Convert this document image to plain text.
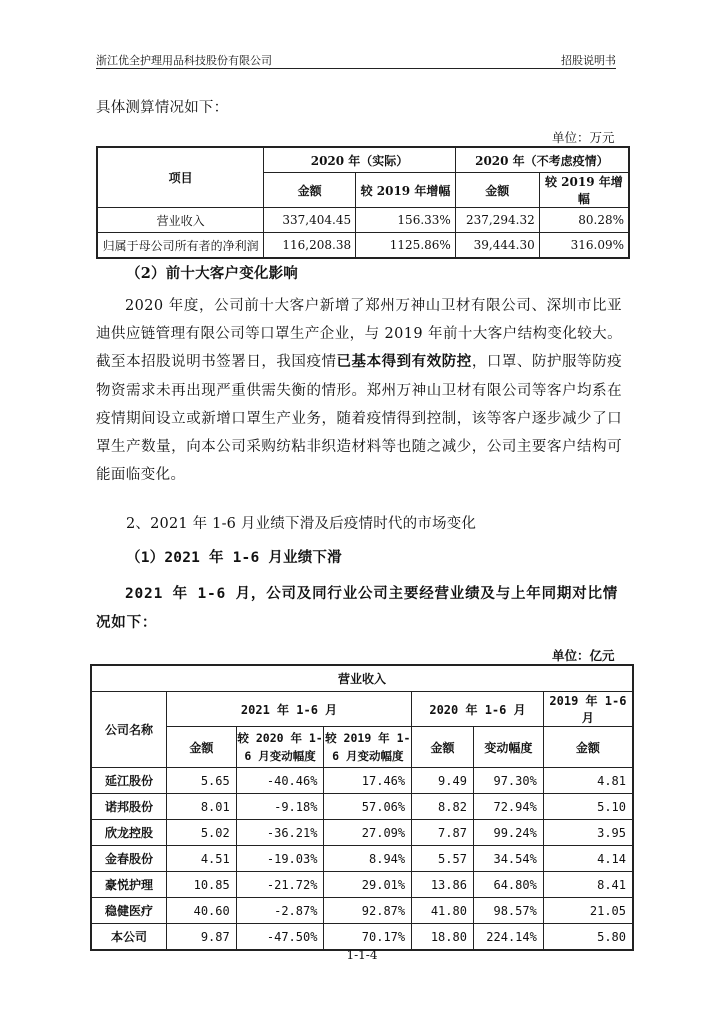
浙江优全护理用品科技股份有限公司	招股说明书
具体测算情况如下：
单位：万元
项目	2020 年（实际）		2020 年（不考虑疫情）	
	金额	较 2019 年增幅	金额	较 2019 年增幅
营业收入	337,404.45	156.33%	237,294.32	80.28%
归属于母公司所有者的净利润	116,208.38	1125.86%	39,444.30	316.09%
（2）前十大客户变化影响
2020 年度，公司前十大客户新增了郑州万神山卫材有限公司、深圳市比亚迪供应链管理有限公司等口罩生产企业，与 2019 年前十大客户结构变化较大。截至本招股说明书签署日，我国疫情已基本得到有效防控，口罩、防护服等防疫物资需求未再出现严重供需失衡的情形。郑州万神山卫材有限公司等客户均系在疫情期间设立或新增口罩生产业务，随着疫情得到控制，该等客户逐步减少了口罩生产数量，向本公司采购纺粘非织造材料等也随之减少，公司主要客户结构可能面临变化。
2、2021 年 1-6 月业绩下滑及后疫情时代的市场变化
（1）2021 年 1-6 月业绩下滑
2021 年 1-6 月，公司及同行业公司主要经营业绩及与上年同期对比情况如下：
单位：亿元
营业收入						
公司名称	2021 年 1-6 月			2020 年 1-6 月		2019 年 1-6 月
	金额	较 2020 年 1-6 月变动幅度	较 2019 年 1-6 月变动幅度	金额	变动幅度	金额
延江股份	5.65	-40.46%	17.46%	9.49	97.30%	4.81
诺邦股份	8.01	-9.18%	57.06%	8.82	72.94%	5.10
欣龙控股	5.02	-36.21%	27.09%	7.87	99.24%	3.95
金春股份	4.51	-19.03%	8.94%	5.57	34.54%	4.14
豪悦护理	10.85	-21.72%	29.01%	13.86	64.80%	8.41
稳健医疗	40.60	-2.87%	92.87%	41.80	98.57%	21.05
本公司	9.87	-47.50%	70.17%	18.80	224.14%	5.80
1-1-4
